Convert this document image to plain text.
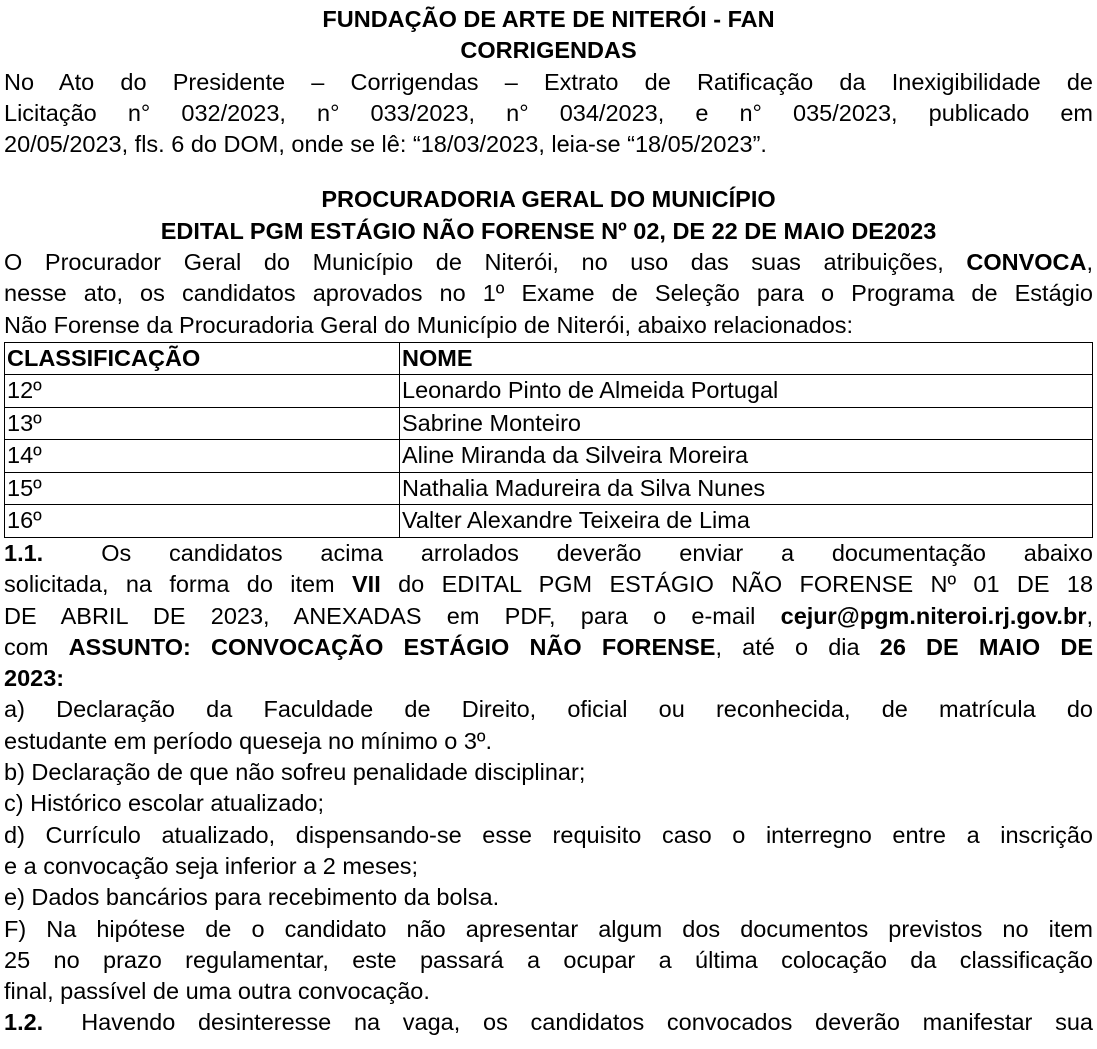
FUNDAÇÃO DE ARTE DE NITERÓI - FAN
CORRIGENDAS
No Ato do Presidente – Corrigendas – Extrato de Ratificação da Inexigibilidade de
Licitação n° 032/2023, n° 033/2023, n° 034/2023, e n° 035/2023, publicado em
20/05/2023, fls. 6 do DOM, onde se lê: “18/03/2023, leia-se “18/05/2023”.
PROCURADORIA GERAL DO MUNICÍPIO
EDITAL PGM ESTÁGIO NÃO FORENSE Nº 02, DE 22 DE MAIO DE2023
O Procurador Geral do Município de Niterói, no uso das suas atribuições, CONVOCA,
nesse ato, os candidatos aprovados no 1º Exame de Seleção para o Programa de Estágio
Não Forense da Procuradoria Geral do Município de Niterói, abaixo relacionados:
CLASSIFICAÇÃO	NOME
12º	Leonardo Pinto de Almeida Portugal
13º	Sabrine Monteiro
14º	Aline Miranda da Silveira Moreira
15º	Nathalia Madureira da Silva Nunes
16º	Valter Alexandre Teixeira de Lima
1.1. Os candidatos acima arrolados deverão enviar a documentação abaixo
solicitada, na forma do item VII do EDITAL PGM ESTÁGIO NÃO FORENSE Nº 01 DE 18
DE ABRIL DE 2023, ANEXADAS em PDF, para o e-mail cejur@pgm.niteroi.rj.gov.br,
com ASSUNTO: CONVOCAÇÃO ESTÁGIO NÃO FORENSE, até o dia 26 DE MAIO DE
2023:
a) Declaração da Faculdade de Direito, oficial ou reconhecida, de matrícula do
estudante em período queseja no mínimo o 3º.
b) Declaração de que não sofreu penalidade disciplinar;
c) Histórico escolar atualizado;
d) Currículo atualizado, dispensando-se esse requisito caso o interregno entre a inscrição
e a convocação seja inferior a 2 meses;
e) Dados bancários para recebimento da bolsa.
F) Na hipótese de o candidato não apresentar algum dos documentos previstos no item
25 no prazo regulamentar, este passará a ocupar a última colocação da classificação
final, passível de uma outra convocação.
1.2. Havendo desinteresse na vaga, os candidatos convocados deverão manifestar sua
